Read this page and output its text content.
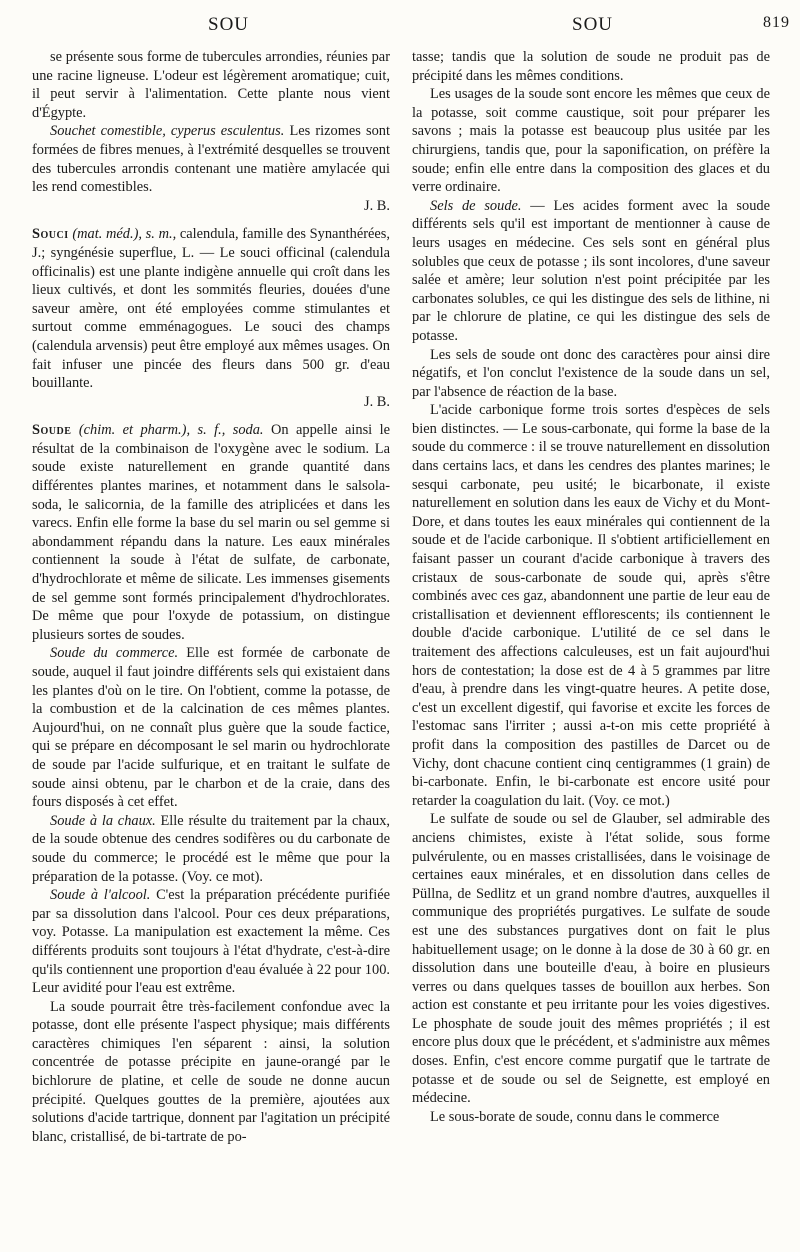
SOU	SOU	819

se présente sous forme de tubercules arrondies, réunies par une racine ligneuse. L'odeur est légèrement aromatique; cuit, il peut servir à l'alimentation. Cette plante nous vient d'Égypte.

Souchet comestible, cyperus esculentus. Les rizomes sont formées de fibres menues, à l'extrémité desquelles se trouvent des tubercules arrondis contenant une matière amylacée qui les rend comestibles.

J. B.

Souci (mat. méd.), s. m., calendula, famille des Synanthérées, J.; syngénésie superflue, L. — Le souci officinal (calendula officinalis) est une plante indigène annuelle qui croît dans les lieux cultivés, et dont les sommités fleuries, douées d'une saveur amère, ont été employées comme stimulantes et surtout comme emménagogues. Le souci des champs (calendula arvensis) peut être employé aux mêmes usages. On fait infuser une pincée des fleurs dans 500 gr. d'eau bouillante.

J. B.

Soude (chim. et pharm.), s. f., soda. On appelle ainsi le résultat de la combinaison de l'oxygène avec le sodium. La soude existe naturellement en grande quantité dans différentes plantes marines, et notamment dans le salsola-soda, le salicornia, de la famille des atriplicées et dans les varecs. Enfin elle forme la base du sel marin ou sel gemme si abondamment répandu dans la nature. Les eaux minérales contiennent la soude à l'état de sulfate, de carbonate, d'hydrochlorate et même de silicate. Les immenses gisements de sel gemme sont formés principalement d'hydrochlorates. De même que pour l'oxyde de potassium, on distingue plusieurs sortes de soudes.

Soude du commerce. Elle est formée de carbonate de soude, auquel il faut joindre différents sels qui existaient dans les plantes d'où on le tire. On l'obtient, comme la potasse, de la combustion et de la calcination de ces mêmes plantes. Aujourd'hui, on ne connaît plus guère que la soude factice, qui se prépare en décomposant le sel marin ou hydrochlorate de soude par l'acide sulfurique, et en traitant le sulfate de soude ainsi obtenu, par le charbon et de la craie, dans des fours disposés à cet effet.

Soude à la chaux. Elle résulte du traitement par la chaux, de la soude obtenue des cendres sodifères ou du carbonate de soude du commerce; le procédé est le même que pour la préparation de la potasse. (Voy. ce mot).

Soude à l'alcool. C'est la préparation précédente purifiée par sa dissolution dans l'alcool. Pour ces deux préparations, voy. Potasse. La manipulation est exactement la même. Ces différents produits sont toujours à l'état d'hydrate, c'est-à-dire qu'ils contiennent une proportion d'eau évaluée à 22 pour 100. Leur avidité pour l'eau est extrême.

La soude pourrait être très-facilement confondue avec la potasse, dont elle présente l'aspect physique; mais différents caractères chimiques l'en séparent : ainsi, la solution concentrée de potasse précipite en jaune-orangé par le bichlorure de platine, et celle de soude ne donne aucun précipité. Quelques gouttes de la première, ajoutées aux solutions d'acide tartrique, donnent par l'agitation un précipité blanc, cristallisé, de bi-tartrate de po-

tasse; tandis que la solution de soude ne produit pas de précipité dans les mêmes conditions.

Les usages de la soude sont encore les mêmes que ceux de la potasse, soit comme caustique, soit pour préparer les savons ; mais la potasse est beaucoup plus usitée par les chirurgiens, tandis que, pour la saponification, on préfère la soude; enfin elle entre dans la composition des glaces et du verre ordinaire.

Sels de soude. — Les acides forment avec la soude différents sels qu'il est important de mentionner à cause de leurs usages en médecine. Ces sels sont en général plus solubles que ceux de potasse ; ils sont incolores, d'une saveur salée et amère; leur solution n'est point précipitée par les carbonates solubles, ce qui les distingue des sels de lithine, ni par le chlorure de platine, ce qui les distingue des sels de potasse.

Les sels de soude ont donc des caractères pour ainsi dire négatifs, et l'on conclut l'existence de la soude dans un sel, par l'absence de réaction de la base.

L'acide carbonique forme trois sortes d'espèces de sels bien distinctes. — Le sous-carbonate, qui forme la base de la soude du commerce : il se trouve naturellement en dissolution dans certains lacs, et dans les cendres des plantes marines; le sesqui carbonate, peu usité; le bicarbonate, il existe naturellement en solution dans les eaux de Vichy et du Mont-Dore, et dans toutes les eaux minérales qui contiennent de la soude et de l'acide carbonique. Il s'obtient artificiellement en faisant passer un courant d'acide carbonique à travers des cristaux de sous-carbonate de soude qui, après s'être combinés avec ces gaz, abandonnent une partie de leur eau de cristallisation et deviennent efflorescents; ils contiennent le double d'acide carbonique. L'utilité de ce sel dans le traitement des affections calculeuses, est un fait aujourd'hui hors de contestation; la dose est de 4 à 5 grammes par litre d'eau, à prendre dans les vingt-quatre heures. A petite dose, c'est un excellent digestif, qui favorise et excite les forces de l'estomac sans l'irriter ; aussi a-t-on mis cette propriété à profit dans la composition des pastilles de Darcet ou de Vichy, dont chacune contient cinq centigrammes (1 grain) de bi-carbonate. Enfin, le bi-carbonate est encore usité pour retarder la coagulation du lait. (Voy. ce mot.)

Le sulfate de soude ou sel de Glauber, sel admirable des anciens chimistes, existe à l'état solide, sous forme pulvérulente, ou en masses cristallisées, dans le voisinage de certaines eaux minérales, et en dissolution dans celles de Püllna, de Sedlitz et un grand nombre d'autres, auxquelles il communique des propriétés purgatives. Le sulfate de soude est une des substances purgatives dont on fait le plus habituellement usage; on le donne à la dose de 30 à 60 gr. en dissolution dans une bouteille d'eau, à boire en plusieurs verres ou dans quelques tasses de bouillon aux herbes. Son action est constante et peu irritante pour les voies digestives. Le phosphate de soude jouit des mêmes propriétés ; il est encore plus doux que le précédent, et s'administre aux mêmes doses. Enfin, c'est encore comme purgatif que le tartrate de potasse et de soude ou sel de Seignette, est employé en médecine.

Le sous-borate de soude, connu dans le commerce
